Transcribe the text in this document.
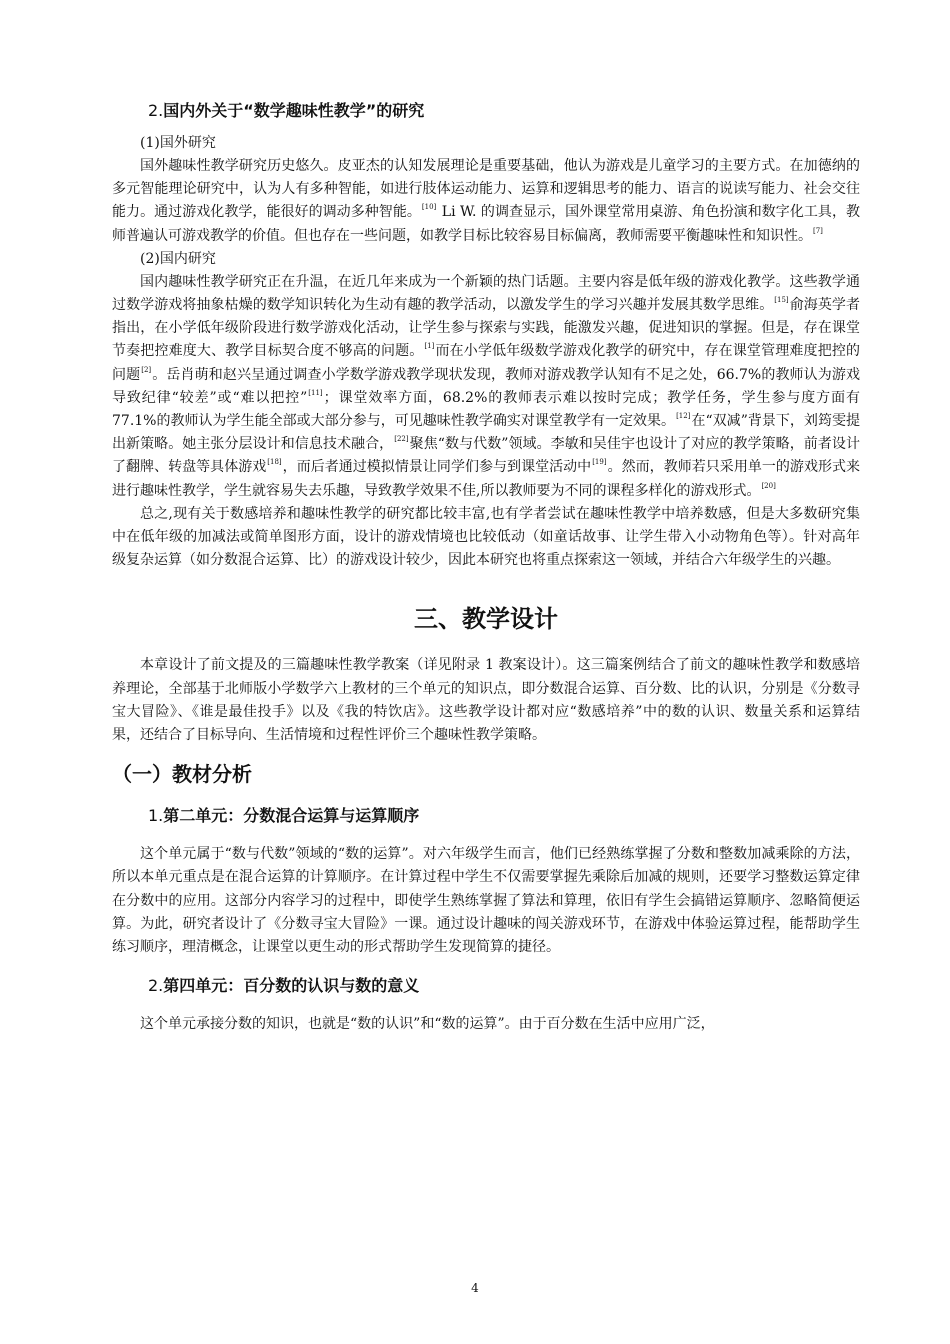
2.国内外关于“数学趣味性教学”的研究

(1)国外研究

国外趣味性教学研究历史悠久。皮亚杰的认知发展理论是重要基础，他认为游戏是儿童学习的主要方式。在加德纳的多元智能理论研究中，认为人有多种智能，如进行肢体运动能力、运算和逻辑思考的能力、语言的说读写能力、社会交往能力。通过游戏化教学，能很好的调动多种智能。[10] Li W. 的调查显示，国外课堂常用桌游、角色扮演和数字化工具，教师普遍认可游戏教学的价值。但也存在一些问题，如教学目标比较容易目标偏离，教师需要平衡趣味性和知识性。[7]

(2)国内研究

国内趣味性教学研究正在升温，在近几年来成为一个新颖的热门话题。主要内容是低年级的游戏化教学。这些教学通过数学游戏将抽象枯燥的数学知识转化为生动有趣的教学活动，以激发学生的学习兴趣并发展其数学思维。[15]俞海英学者指出，在小学低年级阶段进行数学游戏化活动，让学生参与探索与实践，能激发兴趣，促进知识的掌握。但是，存在课堂节奏把控难度大、教学目标契合度不够高的问题。[1]而在小学低年级数学游戏化教学的研究中，存在课堂管理难度把控的问题[2]。岳肖萌和赵兴呈通过调查小学数学游戏教学现状发现，教师对游戏教学认知有不足之处，66.7%的教师认为游戏导致纪律“较差”或“难以把控”[11]；课堂效率方面，68.2%的教师表示难以按时完成；教学任务，学生参与度方面有77.1%的教师认为学生能全部或大部分参与，可见趣味性教学确实对课堂教学有一定效果。[12]在“双减”背景下，刘筠雯提出新策略。她主张分层设计和信息技术融合，[22]聚焦“数与代数”领域。李敏和吴佳宇也设计了对应的教学策略，前者设计了翻牌、转盘等具体游戏[18]，而后者通过模拟情景让同学们参与到课堂活动中[19]。然而，教师若只采用单一的游戏形式来进行趣味性教学，学生就容易失去乐趣，导致教学效果不佳,所以教师要为不同的课程多样化的游戏形式。[20]

总之,现有关于数感培养和趣味性教学的研究都比较丰富,也有学者尝试在趣味性教学中培养数感，但是大多数研究集中在低年级的加减法或简单图形方面，设计的游戏情境也比较低动（如童话故事、让学生带入小动物角色等）。针对高年级复杂运算（如分数混合运算、比）的游戏设计较少，因此本研究也将重点探索这一领域，并结合六年级学生的兴趣。

三、教学设计

本章设计了前文提及的三篇趣味性教学教案（详见附录 1 教案设计）。这三篇案例结合了前文的趣味性教学和数感培养理论，全部基于北师版小学数学六上教材的三个单元的知识点，即分数混合运算、百分数、比的认识，分别是《分数寻宝大冒险》、《谁是最佳投手》以及《我的特饮店》。这些教学设计都对应“数感培养”中的数的认识、数量关系和运算结果，还结合了目标导向、生活情境和过程性评价三个趣味性教学策略。

（一）教材分析
1.第二单元：分数混合运算与运算顺序

这个单元属于“数与代数”领域的“数的运算”。对六年级学生而言，他们已经熟练掌握了分数和整数加减乘除的方法，所以本单元重点是在混合运算的计算顺序。在计算过程中学生不仅需要掌握先乘除后加减的规则，还要学习整数运算定律在分数中的应用。这部分内容学习的过程中，即使学生熟练掌握了算法和算理，依旧有学生会搞错运算顺序、忽略简便运算。为此，研究者设计了《分数寻宝大冒险》一课。通过设计趣味的闯关游戏环节，在游戏中体验运算过程，能帮助学生练习顺序，理清概念，让课堂以更生动的形式帮助学生发现简算的捷径。

2.第四单元：百分数的认识与数的意义

这个单元承接分数的知识，也就是“数的认识”和“数的运算”。由于百分数在生活中应用广泛，

4
